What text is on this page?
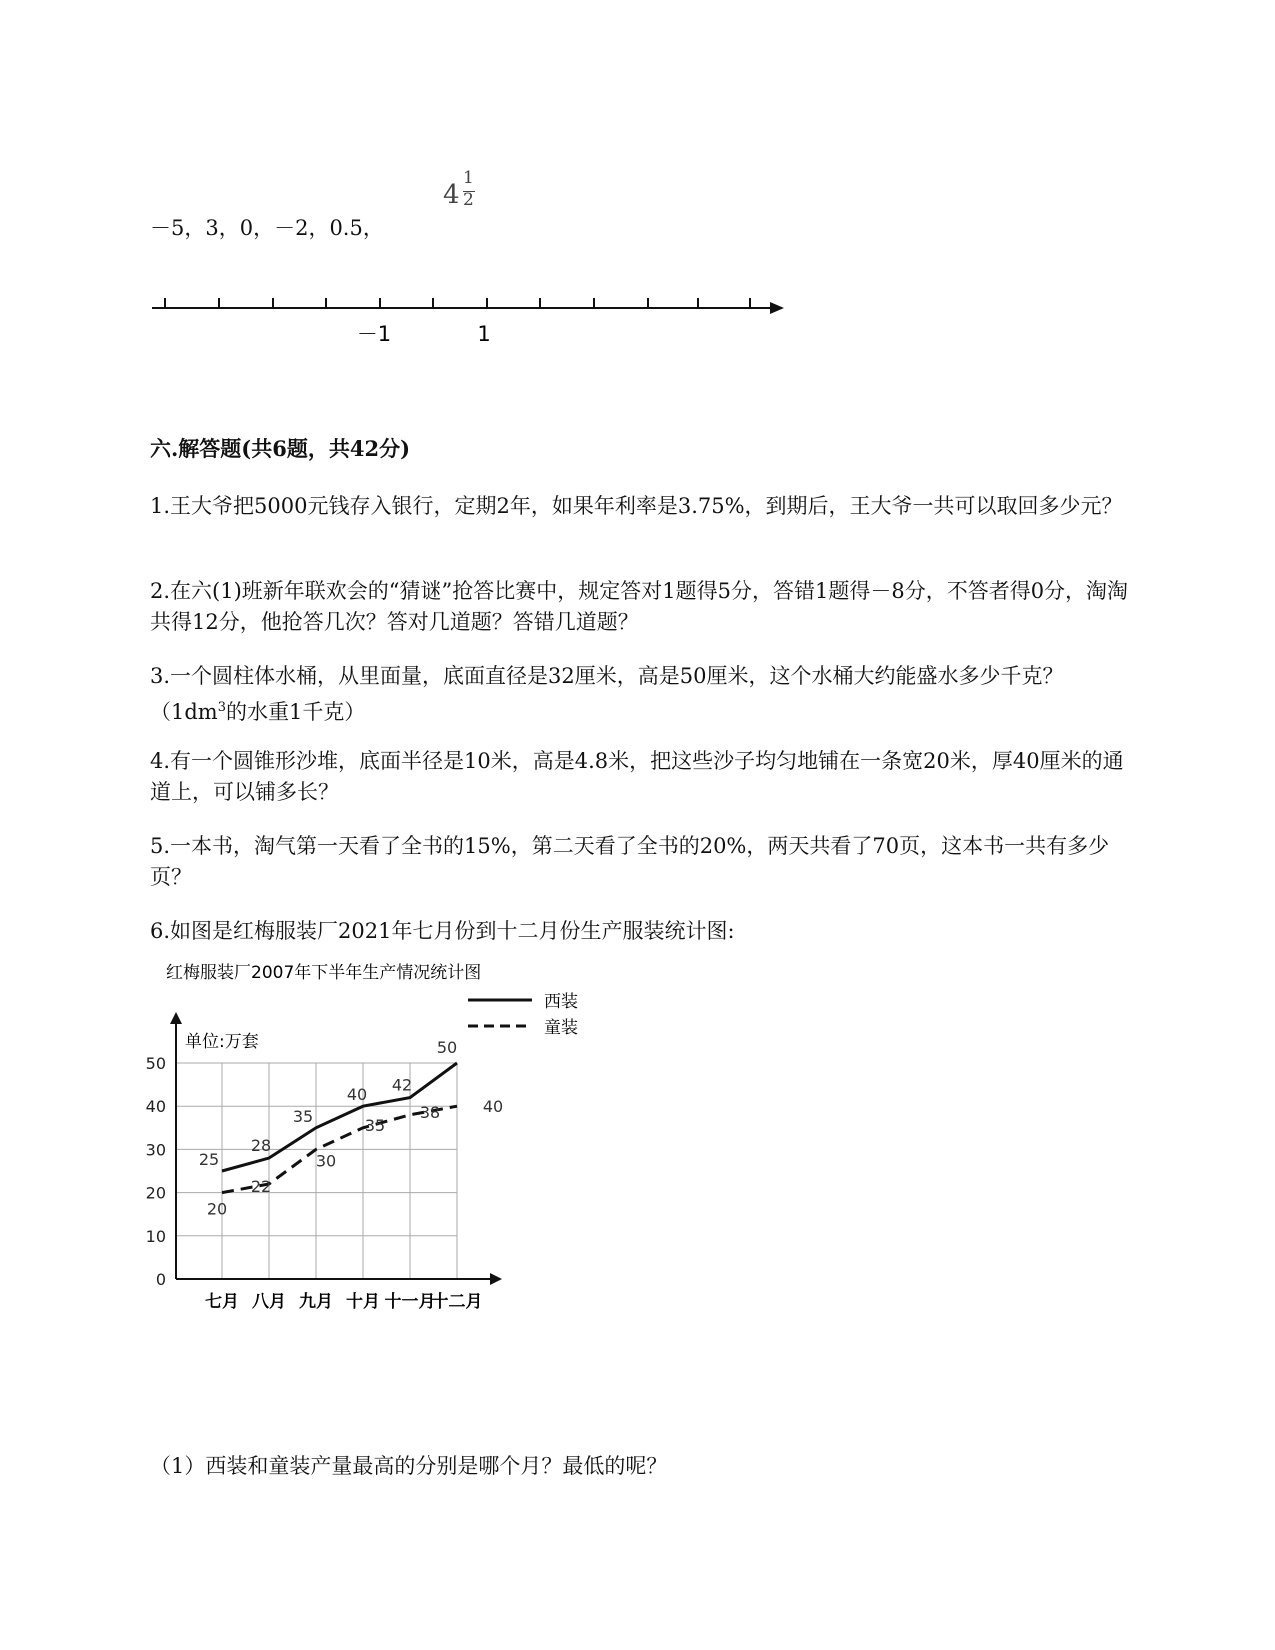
－5，3，0，－2，0.5，
4
1
2
－1	1
六.解答题(共6题，共42分)
1.王大爷把5000元钱存入银行，定期2年，如果年利率是3.75%，到期后，王大爷一共可以取回多少元？
2.在六(1)班新年联欢会的“猜谜”抢答比赛中，规定答对1题得5分，答错1题得－8分，不答者得0分，淘淘共得12分，他抢答几次？答对几道题？答错几道题？
3.一个圆柱体水桶，从里面量，底面直径是32厘米，高是50厘米，这个水桶大约能盛水多少千克？（$1dm^3$的水重1千克）
4.有一个圆锥形沙堆，底面半径是10米，高是4.8米，把这些沙子均匀地铺在一条宽20米，厚40厘米的通道上，可以铺多长？
5.一本书，淘气第一天看了全书的15%，第二天看了全书的20%，两天共看了70页，这本书一共有多少页？
6.如图是红梅服装厂2021年七月份到十二月份生产服装统计图:
红梅服装厂2007年下半年生产情况统计图
西装
童装
单位:万套
0
10
20
30
40
50
七月 八月 九月 十月 十一月
十二月
25
28
35
40
42
50
20
22
30
35
38	40
（1）西装和童装产量最高的分别是哪个月？最低的呢？
